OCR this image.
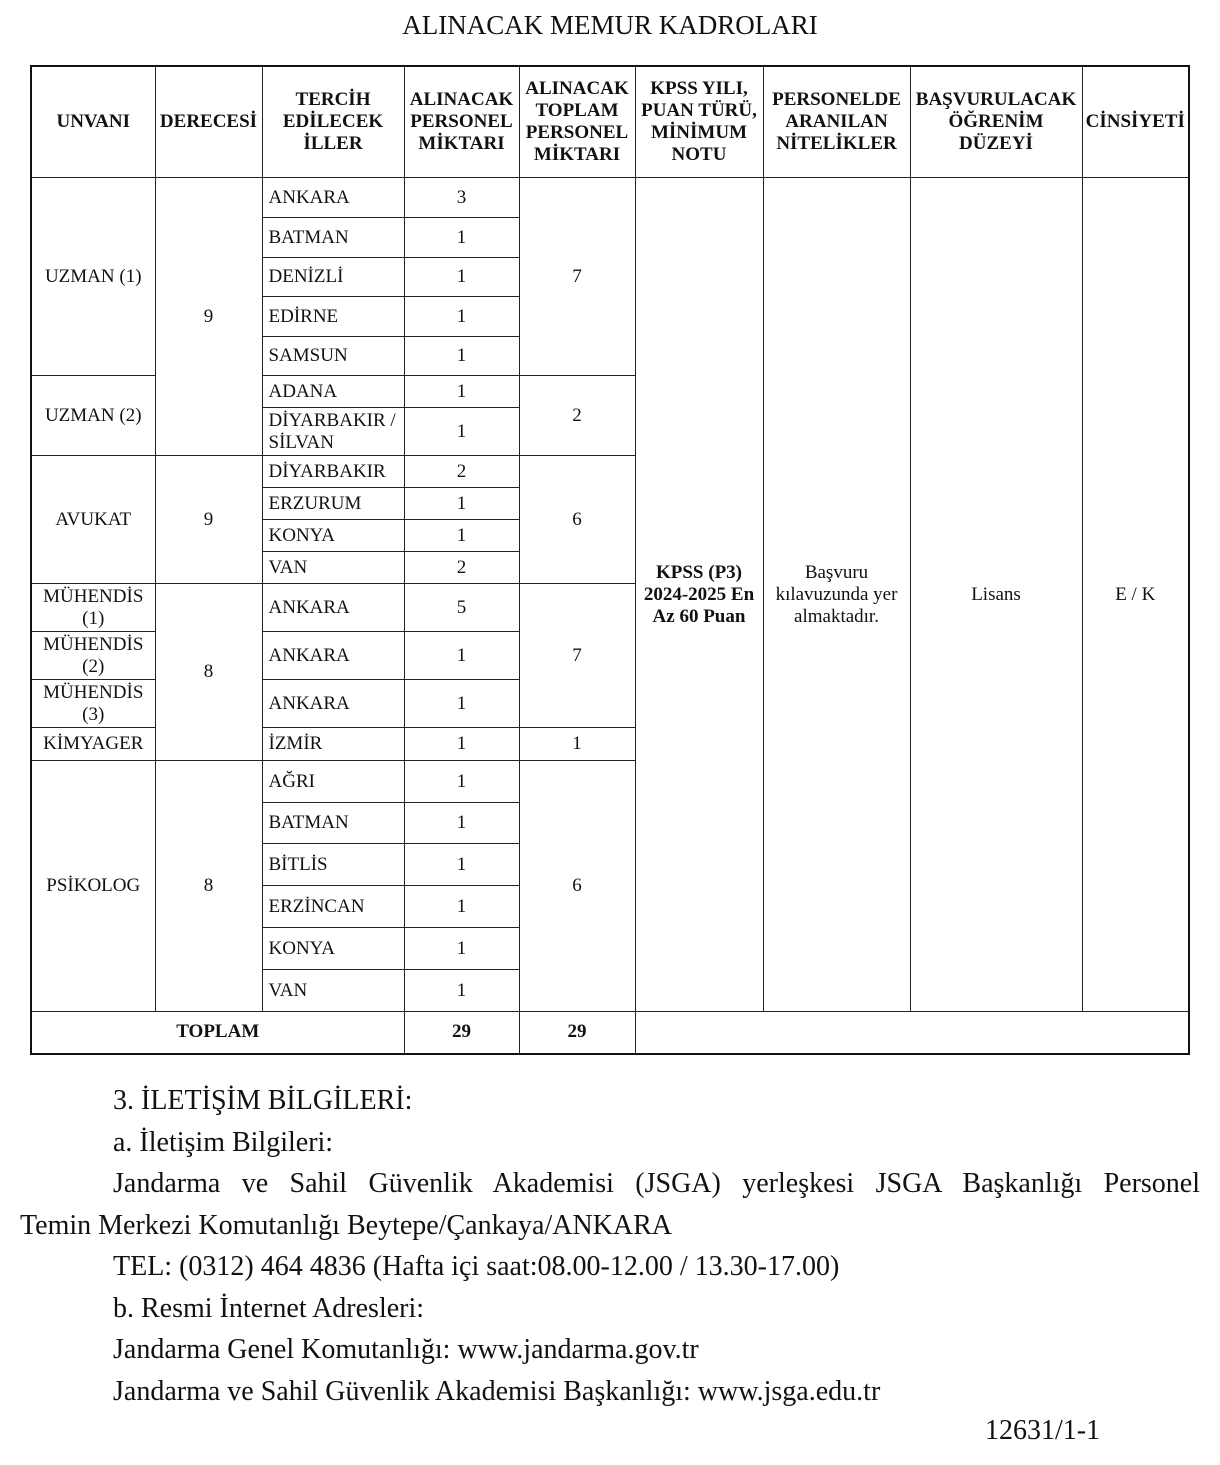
ALINACAK MEMUR KADROLARI
UNVANI	DERECESİ	TERCİH EDİLECEK İLLER	ALINACAK PERSONEL MİKTARI	ALINACAK TOPLAM PERSONEL MİKTARI	KPSS YILI, PUAN TÜRÜ, MİNİMUM NOTU	PERSONELDE ARANILAN NİTELİKLER	BAŞVURULACAK ÖĞRENİM DÜZEYİ	CİNSİYETİ
UZMAN (1)	9	ANKARA	3	7	KPSS (P3) 2024-2025 En Az 60 Puan	Başvuru kılavuzunda yer almaktadır.	Lisans	E / K
		BATMAN	1					
		DENİZLİ	1					
		EDİRNE	1					
		SAMSUN	1					
UZMAN (2)		ADANA	1	2				
		DİYARBAKIR / SİLVAN	1					
AVUKAT	9	DİYARBAKIR	2	6				
		ERZURUM	1					
		KONYA	1					
		VAN	2					
MÜHENDİS (1)	8	ANKARA	5	7				
MÜHENDİS (2)		ANKARA	1					
MÜHENDİS (3)		ANKARA	1					
KİMYAGER		İZMİR	1	1				
PSİKOLOG	8	AĞRI	1	6				
		BATMAN	1					
		BİTLİS	1					
		ERZİNCAN	1					
		KONYA	1					
		VAN	1					
TOPLAM			29	29				
3. İLETİŞİM BİLGİLERİ:
a. İletişim Bilgileri:
Jandarma ve Sahil Güvenlik Akademisi (JSGA) yerleşkesi JSGA Başkanlığı Personel
Temin Merkezi Komutanlığı Beytepe/Çankaya/ANKARA
TEL: (0312) 464 4836 (Hafta içi saat:08.00-12.00 / 13.30-17.00)
b. Resmi İnternet Adresleri:
Jandarma Genel Komutanlığı: www.jandarma.gov.tr
Jandarma ve Sahil Güvenlik Akademisi Başkanlığı: www.jsga.edu.tr
12631/1-1
